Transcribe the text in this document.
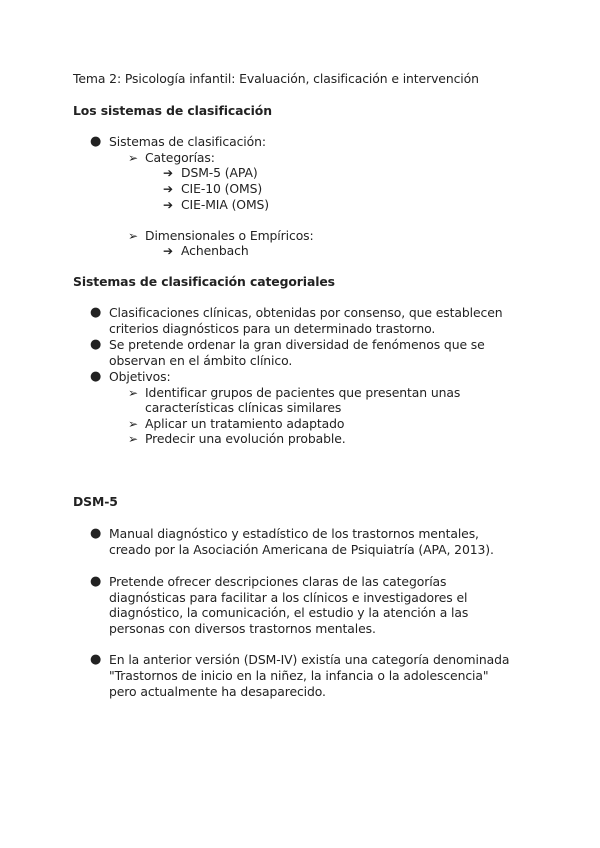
Tema 2: Psicología infantil: Evaluación, clasificación e intervención
Los sistemas de clasificación
● Sistemas de clasificación:
➢ Categorías:
➔ DSM-5 (APA)
➔ CIE-10 (OMS)
➔ CIE-MIA (OMS)
➢ Dimensionales o Empíricos:
➔ Achenbach
Sistemas de clasificación categoriales
● Clasificaciones clínicas, obtenidas por consenso, que establecen
criterios diagnósticos para un determinado trastorno.
● Se pretende ordenar la gran diversidad de fenómenos que se
observan en el ámbito clínico.
● Objetivos:
➢ Identificar grupos de pacientes que presentan unas
características clínicas similares
➢ Aplicar un tratamiento adaptado
➢ Predecir una evolución probable.
DSM-5
● Manual diagnóstico y estadístico de los trastornos mentales,
creado por la Asociación Americana de Psiquiatría (APA, 2013).
● Pretende ofrecer descripciones claras de las categorías
diagnósticas para facilitar a los clínicos e investigadores el
diagnóstico, la comunicación, el estudio y la atención a las
personas con diversos trastornos mentales.
● En la anterior versión (DSM-IV) existía una categoría denominada
"Trastornos de inicio en la niñez, la infancia o la adolescencia"
pero actualmente ha desaparecido.
